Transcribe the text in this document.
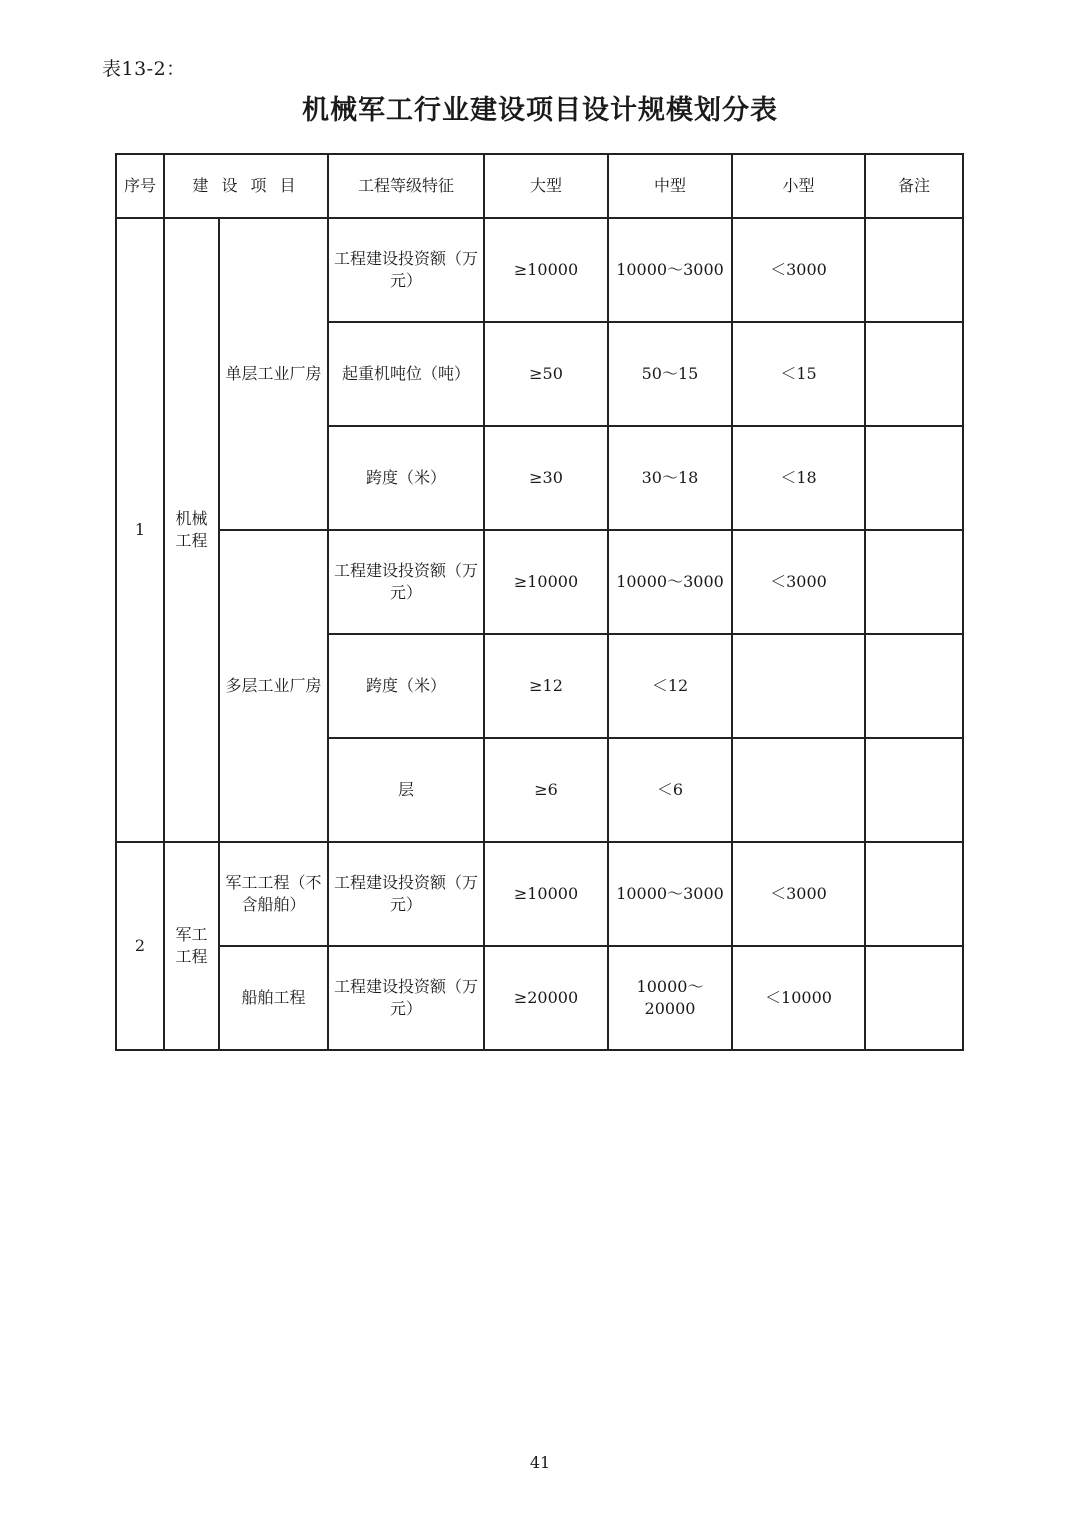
表13-2：
机械军工行业建设项目设计规模划分表
序号	建 设 项 目		工程等级特征	大型	中型	小型	备注
1	机械工程	单层工业厂房	工程建设投资额（万元）	≥10000	10000～3000	＜3000	
			起重机吨位（吨）	≥50	50～15	＜15	
			跨度（米）	≥30	30～18	＜18	
		多层工业厂房	工程建设投资额（万元）	≥10000	10000～3000	＜3000	
			跨度（米）	≥12	＜12		
			层	≥6	＜6		
2	军工工程	军工工程（不含船舶）	工程建设投资额（万元）	≥10000	10000～3000	＜3000	
		船舶工程	工程建设投资额（万元）	≥20000	10000～20000	＜10000	
41
